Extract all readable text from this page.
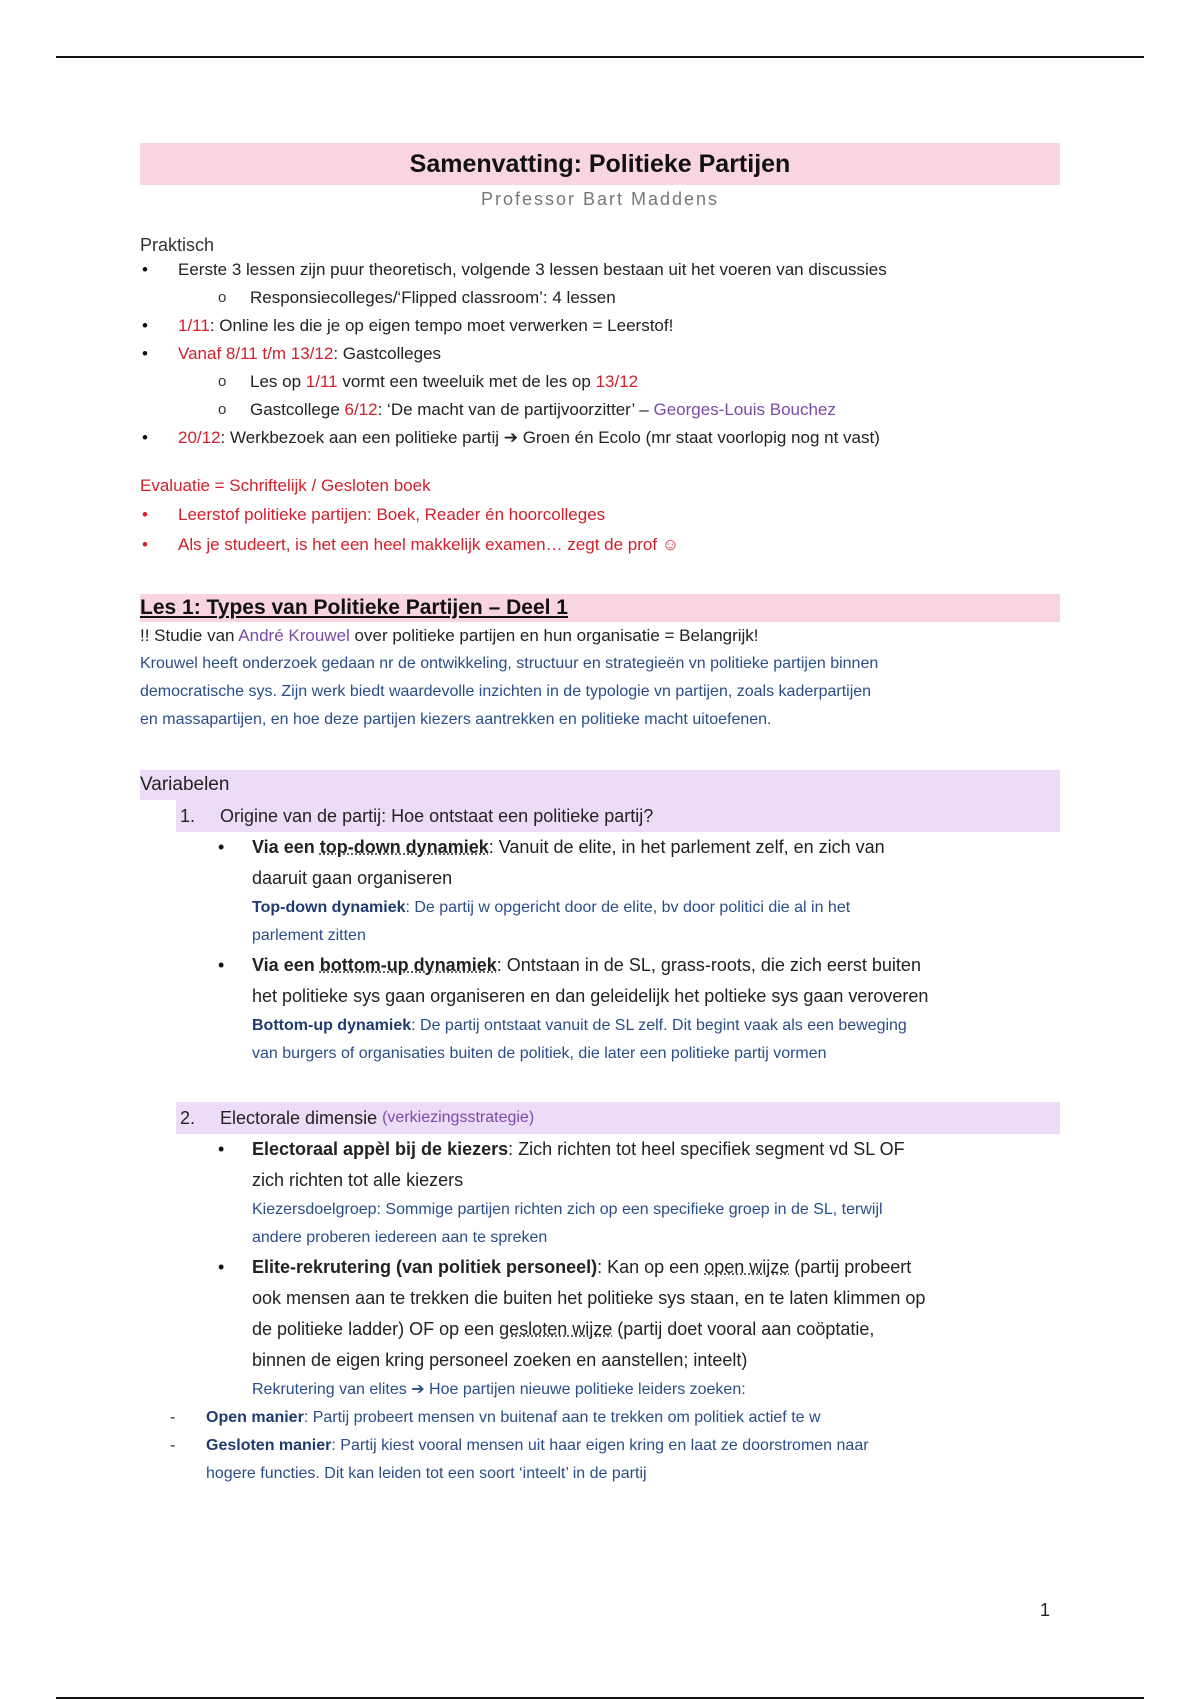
Samenvatting: Politieke Partijen
Professor Bart Maddens
Praktisch
• Eerste 3 lessen zijn puur theoretisch, volgende 3 lessen bestaan uit het voeren van discussies
o Responsiecolleges/‘Flipped classroom’: 4 lessen
• 1/11: Online les die je op eigen tempo moet verwerken = Leerstof!
• Vanaf 8/11 t/m 13/12: Gastcolleges
o Les op 1/11 vormt een tweeluik met de les op 13/12
o Gastcollege 6/12: ‘De macht van de partijvoorzitter’ – Georges-Louis Bouchez
• 20/12: Werkbezoek aan een politieke partij ➔ Groen én Ecolo (mr staat voorlopig nog nt vast)
Evaluatie = Schriftelijk / Gesloten boek
• Leerstof politieke partijen: Boek, Reader én hoorcolleges
• Als je studeert, is het een heel makkelijk examen… zegt de prof ☺
Les 1: Types van Politieke Partijen – Deel 1
!! Studie van André Krouwel over politieke partijen en hun organisatie = Belangrijk!
Krouwel heeft onderzoek gedaan nr de ontwikkeling, structuur en strategieën vn politieke partijen binnen
democratische sys. Zijn werk biedt waardevolle inzichten in de typologie vn partijen, zoals kaderpartijen
en massapartijen, en hoe deze partijen kiezers aantrekken en politieke macht uitoefenen.
Variabelen
1.	Origine van de partij: Hoe ontstaat een politieke partij?
• Via een top-down dynamiek: Vanuit de elite, in het parlement zelf, en zich van
daaruit gaan organiseren
Top-down dynamiek: De partij w opgericht door de elite, bv door politici die al in het
parlement zitten
• Via een bottom-up dynamiek: Ontstaan in de SL, grass-roots, die zich eerst buiten
het politieke sys gaan organiseren en dan geleidelijk het poltieke sys gaan veroveren
Bottom-up dynamiek: De partij ontstaat vanuit de SL zelf. Dit begint vaak als een beweging
van burgers of organisaties buiten de politiek, die later een politieke partij vormen
2.	Electorale dimensie
(verkiezingsstrategie)
• Electoraal appèl bij de kiezers: Zich richten tot heel specifiek segment vd SL OF
zich richten tot alle kiezers
Kiezersdoelgroep: Sommige partijen richten zich op een specifieke groep in de SL, terwijl
andere proberen iedereen aan te spreken
• Elite-rekrutering (van politiek personeel): Kan op een open wijze (partij probeert
ook mensen aan te trekken die buiten het politieke sys staan, en te laten klimmen op
de politieke ladder) OF op een gesloten wijze (partij doet vooral aan coöptatie,
binnen de eigen kring personeel zoeken en aanstellen; inteelt)
Rekrutering van elites ➔ Hoe partijen nieuwe politieke leiders zoeken:
- Open manier: Partij probeert mensen vn buitenaf aan te trekken om politiek actief te w
- Gesloten manier: Partij kiest vooral mensen uit haar eigen kring en laat ze doorstromen naar
hogere functies. Dit kan leiden tot een soort ‘inteelt’ in de partij
1
